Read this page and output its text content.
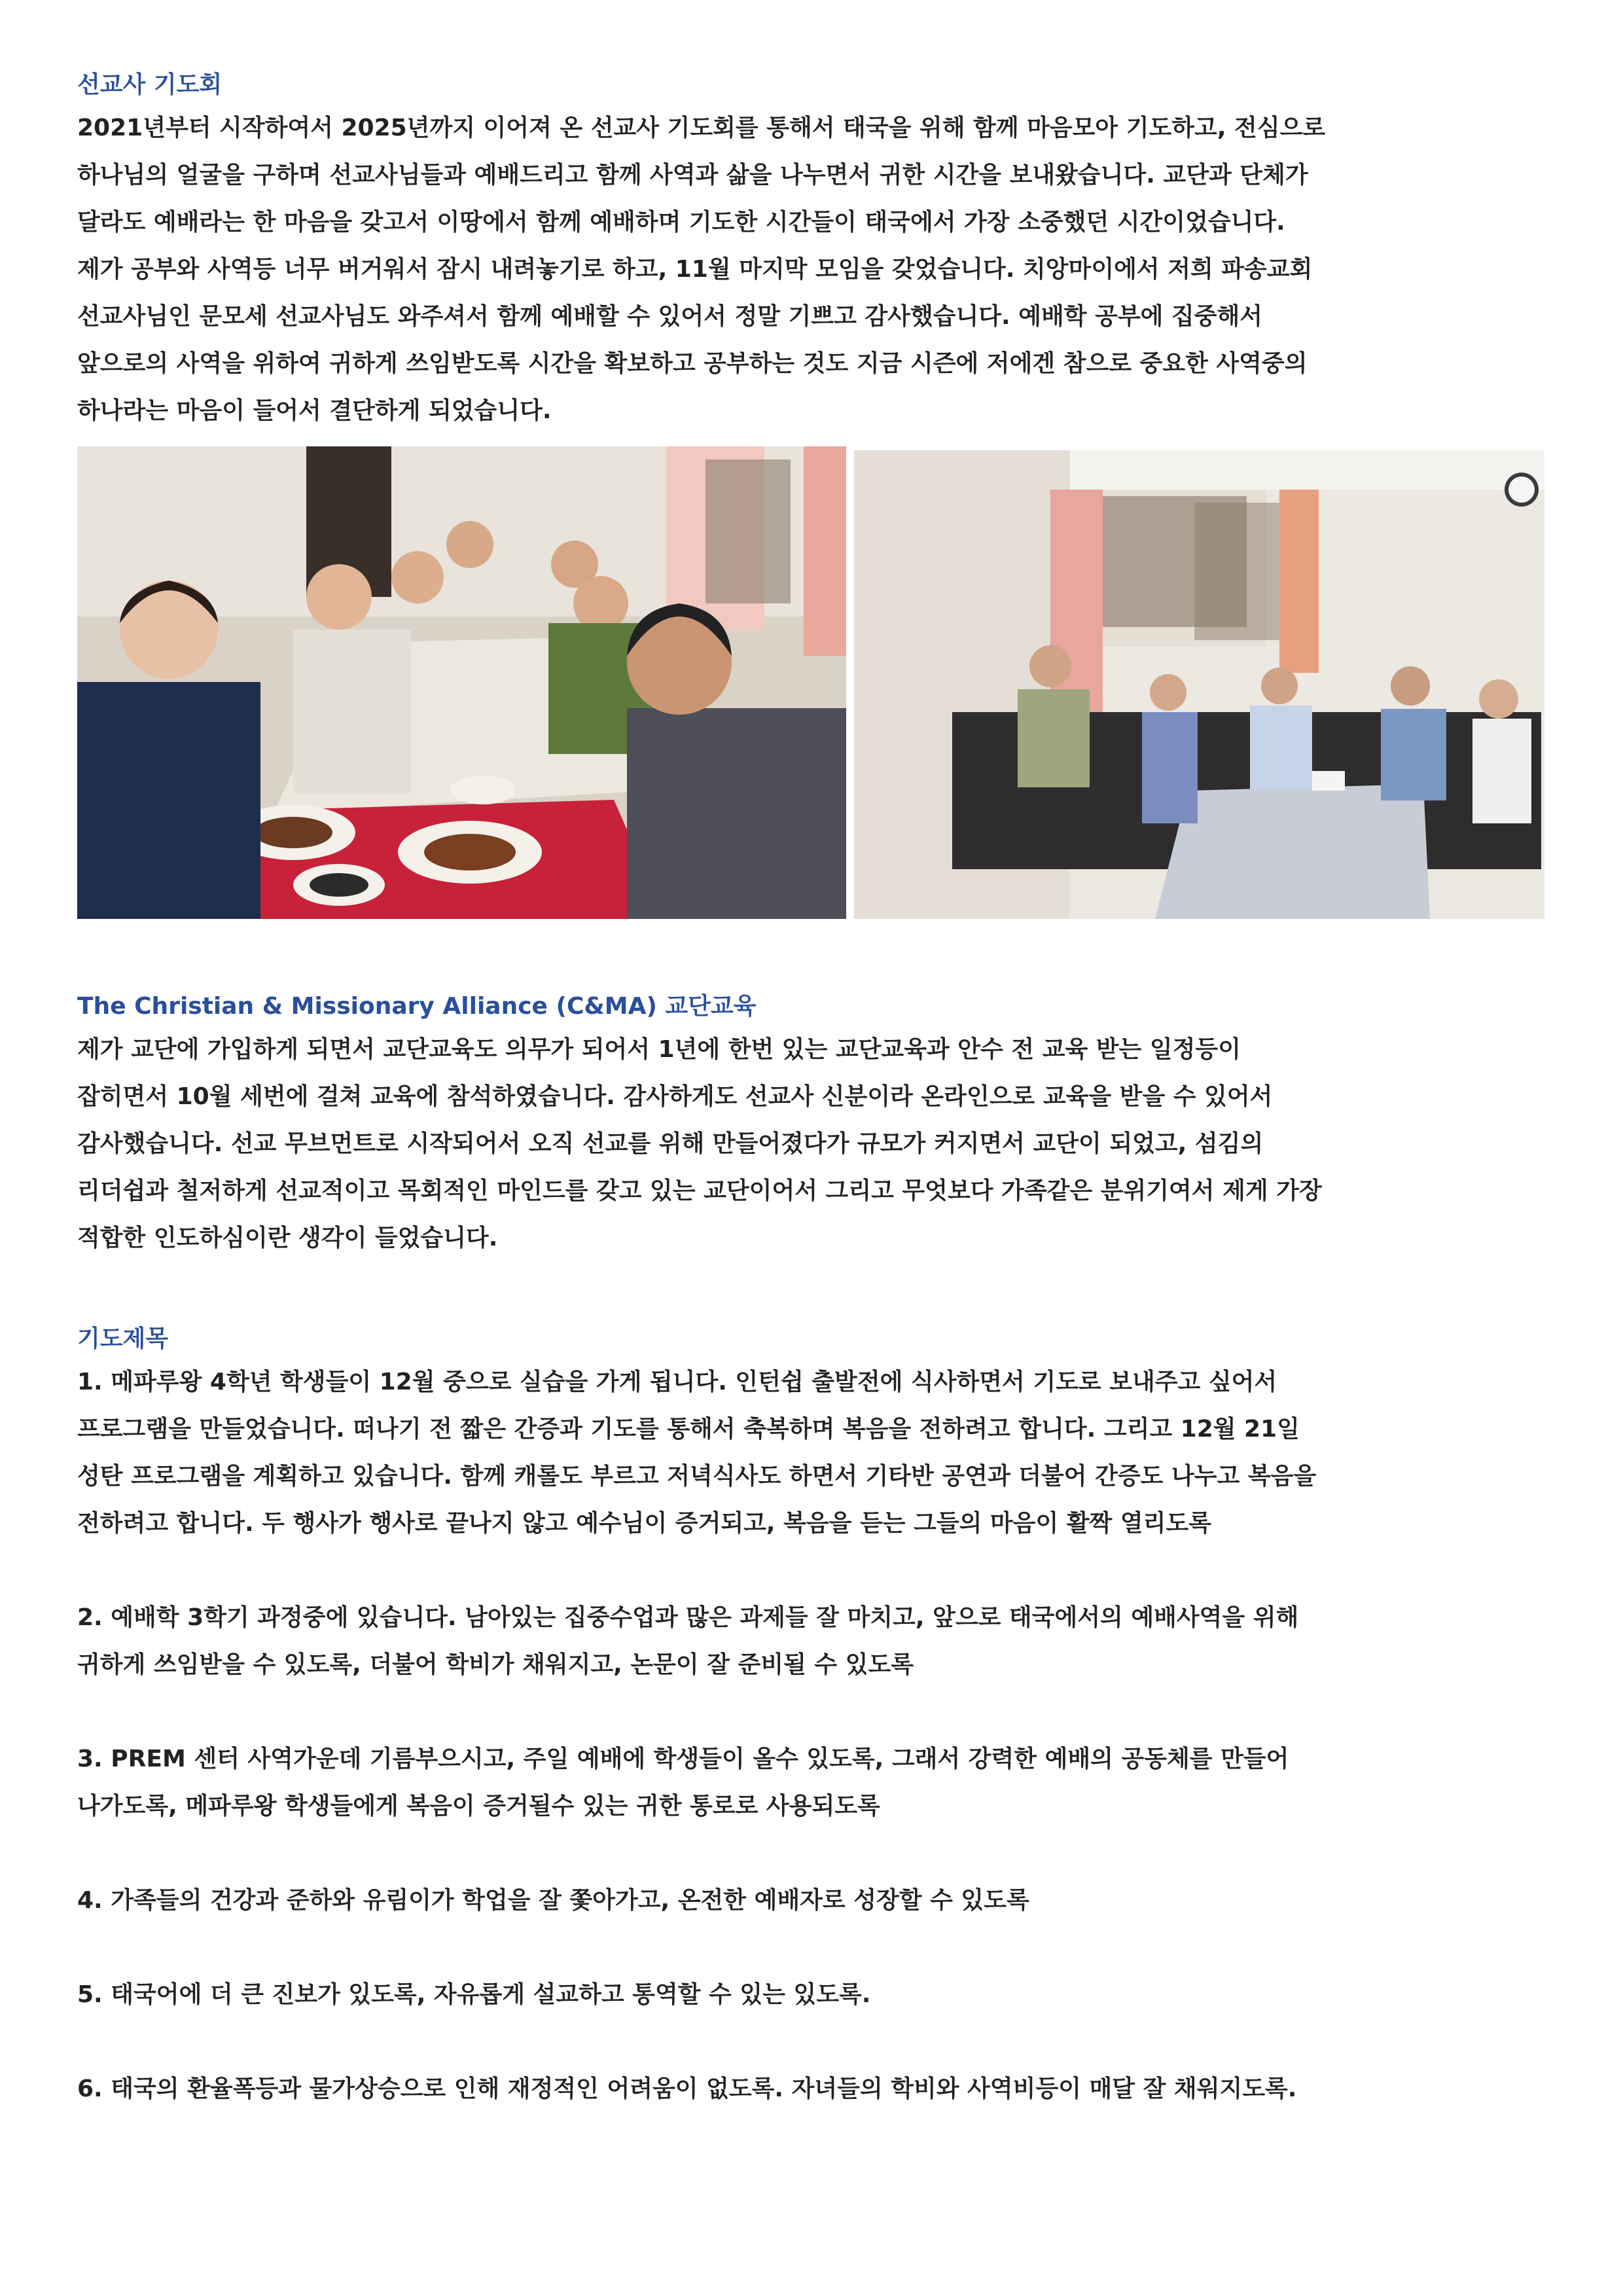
선교사 기도회
2021년부터 시작하여서 2025년까지 이어져 온 선교사 기도회를 통해서 태국을 위해 함께 마음모아 기도하고, 전심으로
하나님의 얼굴을 구하며 선교사님들과 예배드리고 함께 사역과 삶을 나누면서 귀한 시간을 보내왔습니다. 교단과 단체가
달라도 예배라는 한 마음을 갖고서 이땅에서 함께 예배하며 기도한 시간들이 태국에서 가장 소중했던 시간이었습니다.
제가 공부와 사역등 너무 버거워서 잠시 내려놓기로 하고, 11월 마지막 모임을 갖었습니다. 치앙마이에서 저희 파송교회
선교사님인 문모세 선교사님도 와주셔서 함께 예배할 수 있어서 정말 기쁘고 감사했습니다. 예배학 공부에 집중해서
앞으로의 사역을 위하여 귀하게 쓰임받도록 시간을 확보하고 공부하는 것도 지금 시즌에 저에겐 참으로 중요한 사역중의
하나라는 마음이 들어서 결단하게 되었습니다.
The Christian & Missionary Alliance (C&MA) 교단교육
제가 교단에 가입하게 되면서 교단교육도 의무가 되어서 1년에 한번 있는 교단교육과 안수 전 교육 받는 일정등이
잡히면서 10월 세번에 걸쳐 교육에 참석하였습니다. 감사하게도 선교사 신분이라 온라인으로 교육을 받을 수 있어서
감사했습니다. 선교 무브먼트로 시작되어서 오직 선교를 위해 만들어졌다가 규모가 커지면서 교단이 되었고, 섬김의
리더쉽과 철저하게 선교적이고 목회적인 마인드를 갖고 있는 교단이어서 그리고 무엇보다 가족같은 분위기여서 제게 가장
적합한 인도하심이란 생각이 들었습니다.
기도제목
1. 메파루왕 4학년 학생들이 12월 중으로 실습을 가게 됩니다. 인턴쉽 출발전에 식사하면서 기도로 보내주고 싶어서
프로그램을 만들었습니다. 떠나기 전 짧은 간증과 기도를 통해서 축복하며 복음을 전하려고 합니다. 그리고 12월 21일
성탄 프로그램을 계획하고 있습니다. 함께 캐롤도 부르고 저녁식사도 하면서 기타반 공연과 더불어 간증도 나누고 복음을
전하려고 합니다. 두 행사가 행사로 끝나지 않고 예수님이 증거되고, 복음을 듣는 그들의 마음이 활짝 열리도록
2. 예배학 3학기 과정중에 있습니다. 남아있는 집중수업과 많은 과제들 잘 마치고, 앞으로 태국에서의 예배사역을 위해
귀하게 쓰임받을 수 있도록, 더불어 학비가 채워지고, 논문이 잘 준비될 수 있도록
3. PREM 센터 사역가운데 기름부으시고, 주일 예배에 학생들이 올수 있도록, 그래서 강력한 예배의 공동체를 만들어
나가도록, 메파루왕 학생들에게 복음이 증거될수 있는 귀한 통로로 사용되도록
4. 가족들의 건강과 준하와 유림이가 학업을 잘 쫓아가고, 온전한 예배자로 성장할 수 있도록
5. 태국어에 더 큰 진보가 있도록, 자유롭게 설교하고 통역할 수 있는 있도록.
6. 태국의 환율폭등과 물가상승으로 인해 재정적인 어려움이 없도록. 자녀들의 학비와 사역비등이 매달 잘 채워지도록.
